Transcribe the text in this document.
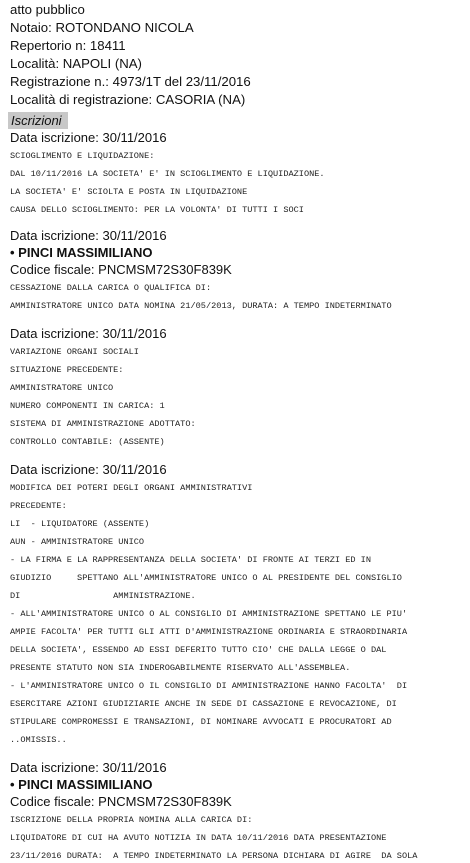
atto pubblico
Notaio: ROTONDANO NICOLA
Repertorio n: 18411
Località: NAPOLI (NA)
Registrazione n.: 4973/1T del 23/11/2016
Località di registrazione: CASORIA (NA)
Iscrizioni
Data iscrizione: 30/11/2016
SCIOGLIMENTO E LIQUIDAZIONE:
DAL 10/11/2016 LA SOCIETA' E' IN SCIOGLIMENTO E LIQUIDAZIONE.
LA SOCIETA' E' SCIOLTA E POSTA IN LIQUIDAZIONE
CAUSA DELLO SCIOGLIMENTO: PER LA VOLONTA' DI TUTTI I SOCI
Data iscrizione: 30/11/2016
• PINCI MASSIMILIANO
Codice fiscale: PNCMSM72S30F839K
CESSAZIONE DALLA CARICA O QUALIFICA DI:
AMMINISTRATORE UNICO DATA NOMINA 21/05/2013, DURATA: A TEMPO INDETERMINATO
Data iscrizione: 30/11/2016
VARIAZIONE ORGANI SOCIALI
SITUAZIONE PRECEDENTE:
AMMINISTRATORE UNICO
NUMERO COMPONENTI IN CARICA: 1
SISTEMA DI AMMINISTRAZIONE ADOTTATO:
CONTROLLO CONTABILE: (ASSENTE)
Data iscrizione: 30/11/2016
MODIFICA DEI POTERI DEGLI ORGANI AMMINISTRATIVI
PRECEDENTE:
LI  - LIQUIDATORE (ASSENTE)
AUN - AMMINISTRATORE UNICO
- LA FIRMA E LA RAPPRESENTANZA DELLA SOCIETA' DI FRONTE AI TERZI ED IN
GIUDIZIO     SPETTANO ALL'AMMINISTRATORE UNICO O AL PRESIDENTE DEL CONSIGLIO
DI                  AMMINISTRAZIONE.
- ALL'AMMINISTRATORE UNICO O AL CONSIGLIO DI AMMINISTRAZIONE SPETTANO LE PIU'
AMPIE FACOLTA' PER TUTTI GLI ATTI D'AMMINISTRAZIONE ORDINARIA E STRAORDINARIA
DELLA SOCIETA', ESSENDO AD ESSI DEFERITO TUTTO CIO' CHE DALLA LEGGE O DAL
PRESENTE STATUTO NON SIA INDEROGABILMENTE RISERVATO ALL'ASSEMBLEA.
- L'AMMINISTRATORE UNICO O IL CONSIGLIO DI AMMINISTRAZIONE HANNO FACOLTA'  DI
ESERCITARE AZIONI GIUDIZIARIE ANCHE IN SEDE DI CASSAZIONE E REVOCAZIONE, DI
STIPULARE COMPROMESSI E TRANSAZIONI, DI NOMINARE AVVOCATI E PROCURATORI AD
..OMISSIS..
Data iscrizione: 30/11/2016
• PINCI MASSIMILIANO
Codice fiscale: PNCMSM72S30F839K
ISCRIZIONE DELLA PROPRIA NOMINA ALLA CARICA DI:
LIQUIDATORE DI CUI HA AVUTO NOTIZIA IN DATA 10/11/2016 DATA PRESENTAZIONE
23/11/2016 DURATA:  A TEMPO INDETERMINATO LA PERSONA DICHIARA DI AGIRE  DA SOLA
